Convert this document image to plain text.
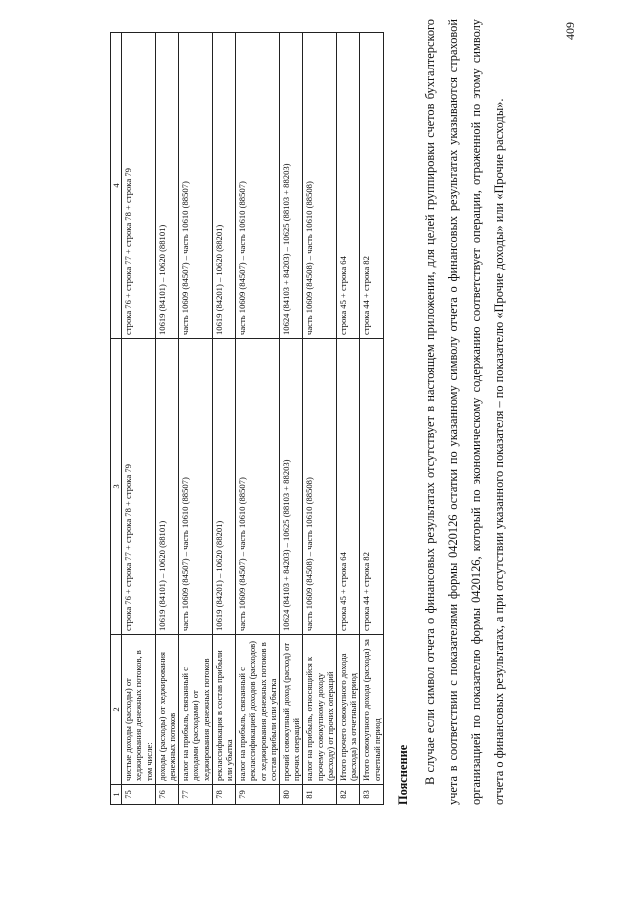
1	2	3	4
75	чистые доходы (расходы) от хеджирования денежных потоков, в том числе:	строка 76 + строка 77 + строка 78 + строка 79	строка 76 + строка 77 + строка 78 + строка 79
76	доходы (расходы) от хеджирования денежных потоков	10619 (84101) – 10620 (88101)	10619 (84101) – 10620 (88101)
77	налог на прибыль, связанный с доходами (расходами) от хеджирования денежных потоков	часть 10609 (84507) – часть 10610 (88507)	часть 10609 (84507) – часть 10610 (88507)
78	реклассификация в состав прибыли или убытка	10619 (84201) – 10620 (88201)	10619 (84201) – 10620 (88201)
79	налог на прибыль, связанный с реклассификацией доходов (расходов) от хеджирования денежных потоков в состав прибыли или убытка	часть 10609 (84507) – часть 10610 (88507)	часть 10609 (84507) – часть 10610 (88507)
80	прочий совокупный доход (расход) от прочих операций	10624 (84103 + 84203) – 10625 (88103 + 88203)	10624 (84103 + 84203) – 10625 (88103 + 88203)
81	налог на прибыль, относящийся к прочему совокупному доходу (расходу) от прочих операций	часть 10609 (84508) – часть 10610 (88508)	часть 10609 (84508) – часть 10610 (88508)
82	Итого прочего совокупного дохода (расхода) за отчетный период	строка 45 + строка 64	строка 45 + строка 64
83	Итого совокупного дохода (расхода) за отчетный период	строка 44 + строка 82	строка 44 + строка 82
Пояснение	В случае если символ отчета о финансовых результатах отсутствует в настоящем приложении, для целей группировки счетов бухгалтерского учета в соответствии с показателями формы 0420126 остатки по указанному символу отчета о финансовых результатах указываются страховой организацией по показателю формы 0420126, который по экономическому содержанию соответствует операции, отраженной по этому символу отчета о финансовых результатах, а при отсутствии указанного показателя – по показателю «Прочие доходы» или «Прочие расходы».

409
